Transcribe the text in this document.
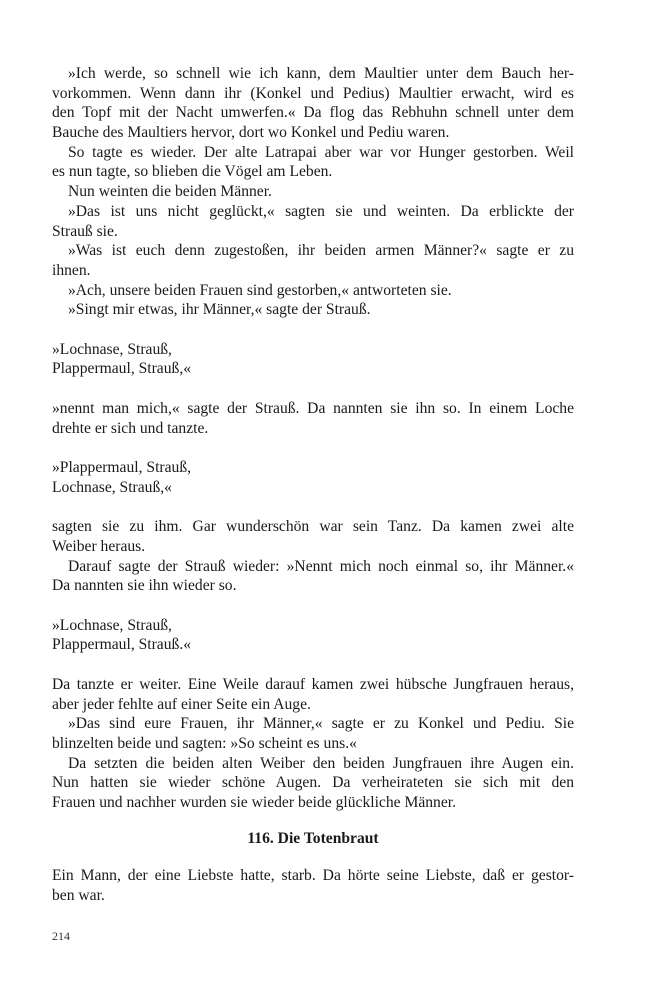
»Ich werde, so schnell wie ich kann, dem Maultier unter dem Bauch her-
vorkommen. Wenn dann ihr (Konkel und Pedius) Maultier erwacht, wird es
den Topf mit der Nacht umwerfen.« Da flog das Rebhuhn schnell unter dem
Bauche des Maultiers hervor, dort wo Konkel und Pediu waren.
So tagte es wieder. Der alte Latrapai aber war vor Hunger gestorben. Weil
es nun tagte, so blieben die Vögel am Leben.
Nun weinten die beiden Männer.
»Das ist uns nicht geglückt,« sagten sie und weinten. Da erblickte der
Strauß sie.
»Was ist euch denn zugestoßen, ihr beiden armen Männer?« sagte er zu
ihnen.
»Ach, unsere beiden Frauen sind gestorben,« antworteten sie.
»Singt mir etwas, ihr Männer,« sagte der Strauß.
»Lochnase, Strauß,
Plappermaul, Strauß,«
»nennt man mich,« sagte der Strauß. Da nannten sie ihn so. In einem Loche
drehte er sich und tanzte.
»Plappermaul, Strauß,
Lochnase, Strauß,«
sagten sie zu ihm. Gar wunderschön war sein Tanz. Da kamen zwei alte
Weiber heraus.
Darauf sagte der Strauß wieder: »Nennt mich noch einmal so, ihr Männer.«
Da nannten sie ihn wieder so.
»Lochnase, Strauß,
Plappermaul, Strauß.«
Da tanzte er weiter. Eine Weile darauf kamen zwei hübsche Jungfrauen heraus,
aber jeder fehlte auf einer Seite ein Auge.
»Das sind eure Frauen, ihr Männer,« sagte er zu Konkel und Pediu. Sie
blinzelten beide und sagten: »So scheint es uns.«
Da setzten die beiden alten Weiber den beiden Jungfrauen ihre Augen ein.
Nun hatten sie wieder schöne Augen. Da verheirateten sie sich mit den
Frauen und nachher wurden sie wieder beide glückliche Männer.
116. Die Totenbraut
Ein Mann, der eine Liebste hatte, starb. Da hörte seine Liebste, daß er gestor-
ben war.
214
